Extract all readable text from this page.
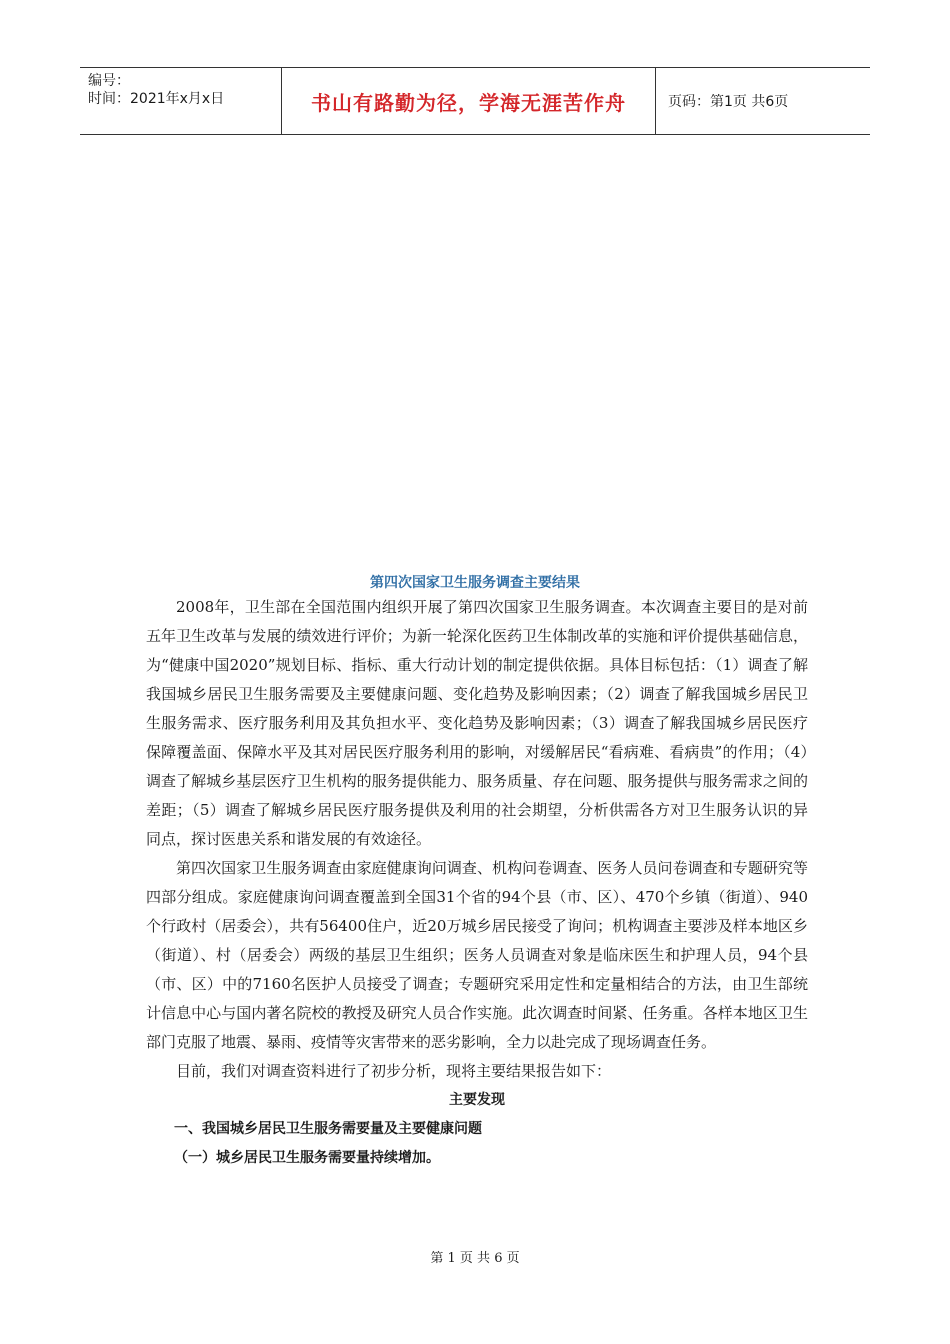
编号：
时间：2021年x月x日	书山有路勤为径，学海无涯苦作舟	页码：第1页 共6页
第四次国家卫生服务调查主要结果

2008年，卫生部在全国范围内组织开展了第四次国家卫生服务调查。本次调查主要目的是对前五年卫生改革与发展的绩效进行评价；为新一轮深化医药卫生体制改革的实施和评价提供基础信息，为“健康中国2020”规划目标、指标、重大行动计划的制定提供依据。具体目标包括：（1）调查了解我国城乡居民卫生服务需要及主要健康问题、变化趋势及影响因素；（2）调查了解我国城乡居民卫生服务需求、医疗服务利用及其负担水平、变化趋势及影响因素；（3）调查了解我国城乡居民医疗保障覆盖面、保障水平及其对居民医疗服务利用的影响，对缓解居民“看病难、看病贵”的作用；（4）调查了解城乡基层医疗卫生机构的服务提供能力、服务质量、存在问题、服务提供与服务需求之间的差距；（5）调查了解城乡居民医疗服务提供及利用的社会期望，分析供需各方对卫生服务认识的异同点，探讨医患关系和谐发展的有效途径。

第四次国家卫生服务调查由家庭健康询问调查、机构问卷调查、医务人员问卷调查和专题研究等四部分组成。家庭健康询问调查覆盖到全国31个省的94个县（市、区）、470个乡镇（街道）、940个行政村（居委会），共有56400住户，近20万城乡居民接受了询问；机构调查主要涉及样本地区乡（街道）、村（居委会）两级的基层卫生组织；医务人员调查对象是临床医生和护理人员，94个县（市、区）中的7160名医护人员接受了调查；专题研究采用定性和定量相结合的方法，由卫生部统计信息中心与国内著名院校的教授及研究人员合作实施。此次调查时间紧、任务重。各样本地区卫生部门克服了地震、暴雨、疫情等灾害带来的恶劣影响，全力以赴完成了现场调查任务。

目前，我们对调查资料进行了初步分析，现将主要结果报告如下：

主要发现
一、我国城乡居民卫生服务需要量及主要健康问题
（一）城乡居民卫生服务需要量持续增加。
第 1 页 共 6 页
